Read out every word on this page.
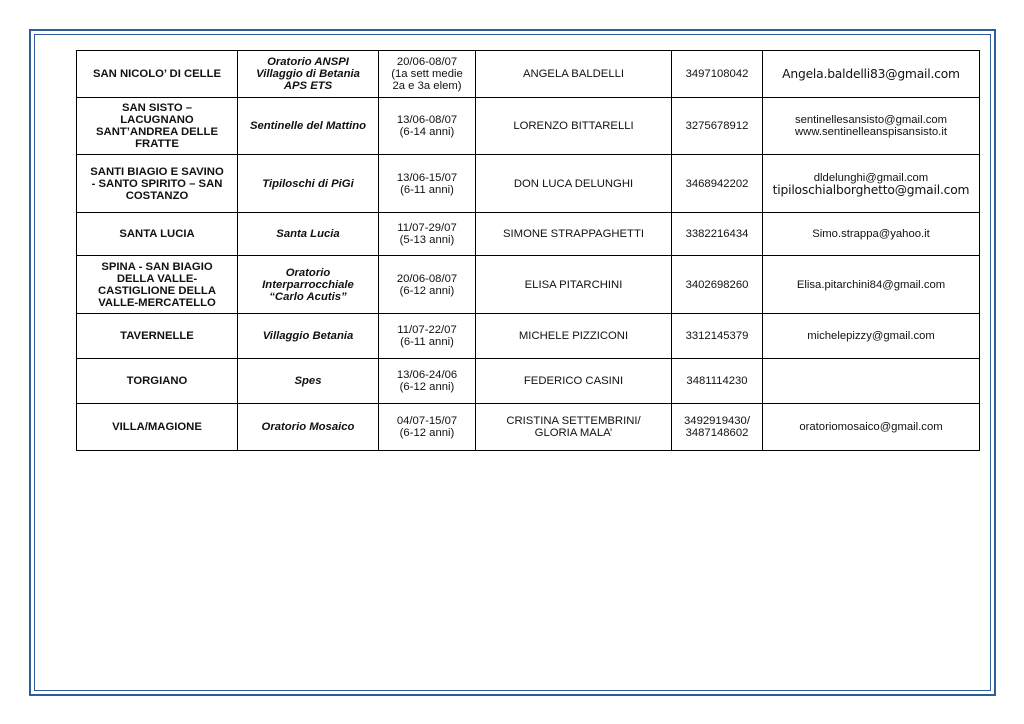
SAN NICOLO’ DI CELLE	Oratorio ANSPI
Villaggio di Betania
APS ETS	20/06-08/07
(1a sett medie
2a e 3a elem)	ANGELA BALDELLI	3497108042	Angela.baldelli83@gmail.com

SAN SISTO –
LACUGNANO
SANT’ANDREA DELLE
FRATTE	Sentinelle del Mattino	13/06-08/07
(6-14 anni)	LORENZO BITTARELLI	3275678912	sentinellesansisto@gmail.com
www.sentinelleanspisansisto.it

SANTI BIAGIO E SAVINO
- SANTO SPIRITO – SAN
COSTANZO	Tipiloschi di PiGi	13/06-15/07
(6-11 anni)	DON LUCA DELUNGHI	3468942202	dldelunghi@gmail.com
tipiloschialborghetto@gmail.com

SANTA LUCIA	Santa Lucia	11/07-29/07
(5-13 anni)	SIMONE STRAPPAGHETTI	3382216434	Simo.strappa@yahoo.it

SPINA - SAN BIAGIO
DELLA VALLE-
CASTIGLIONE DELLA
VALLE-MERCATELLO	Oratorio
Interparrocchiale
“Carlo Acutis”	20/06-08/07
(6-12 anni)	ELISA PITARCHINI	3402698260	Elisa.pitarchini84@gmail.com

TAVERNELLE	Villaggio Betania	11/07-22/07
(6-11 anni)	MICHELE PIZZICONI	3312145379	michelepizzy@gmail.com

TORGIANO	Spes	13/06-24/06
(6-12 anni)	FEDERICO CASINI	3481114230	

VILLA/MAGIONE	Oratorio Mosaico	04/07-15/07
(6-12 anni)	CRISTINA SETTEMBRINI/
GLORIA MALA’	3492919430/
3487148602	oratoriomosaico@gmail.com
